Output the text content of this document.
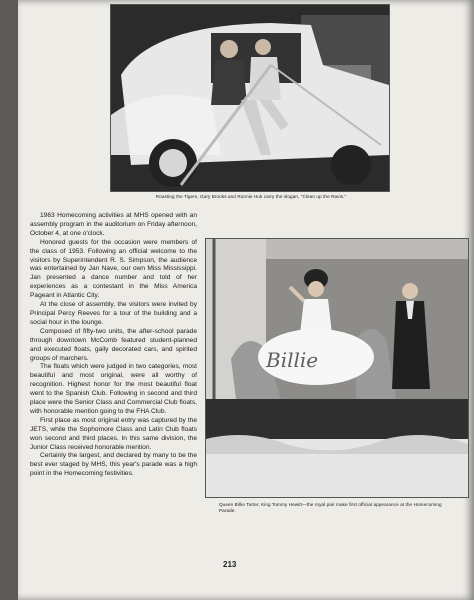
Roasting the Tigers, Gary Brooks and Ronnie Huk carry the slogan, "Clean up the Ravis."

1963 Homecoming activities at MHS opened with an assembly program in the auditorium on Friday afternoon, October 4, at one o'clock.

Honored guests for the occasion were members of the class of 1953. Following an official welcome to the visitors by Superintendent R. S. Simpson, the audience was entertained by Jan Nave, our own Miss Mississippi. Jan presented a dance number and told of her experiences as a contestant in the Miss America Pageant in Atlantic City.

At the close of assembly, the visitors were invited by Principal Percy Reeves for a tour of the building and a social hour in the lounge.

Composed of fifty-two units, the after-school parade through downtown McComb featured student-planned and executed floats, gaily decorated cars, and spirited groups of marchers.

The floats which were judged in two categories, most beautiful and most original, were all worthy of recognition. Highest honor for the most beautiful float went to the Spanish Club. Following in second and third place were the Senior Class and Commercial Club floats, with honorable mention going to the FHA Club.

First place as most original entry was captured by the JETS, while the Sophomore Class and Latin Club floats won second and third places. In this same division, the Junior Class received honorable mention.

Certainly the largest, and declared by many to be the best ever staged by MHS, this year's parade was a high point in the Homecoming festivities.

Billie
Queen Billie Tarter, King Tommy Hewitt—the royal pair make first official appearance at the Homecoming Parade.
213
